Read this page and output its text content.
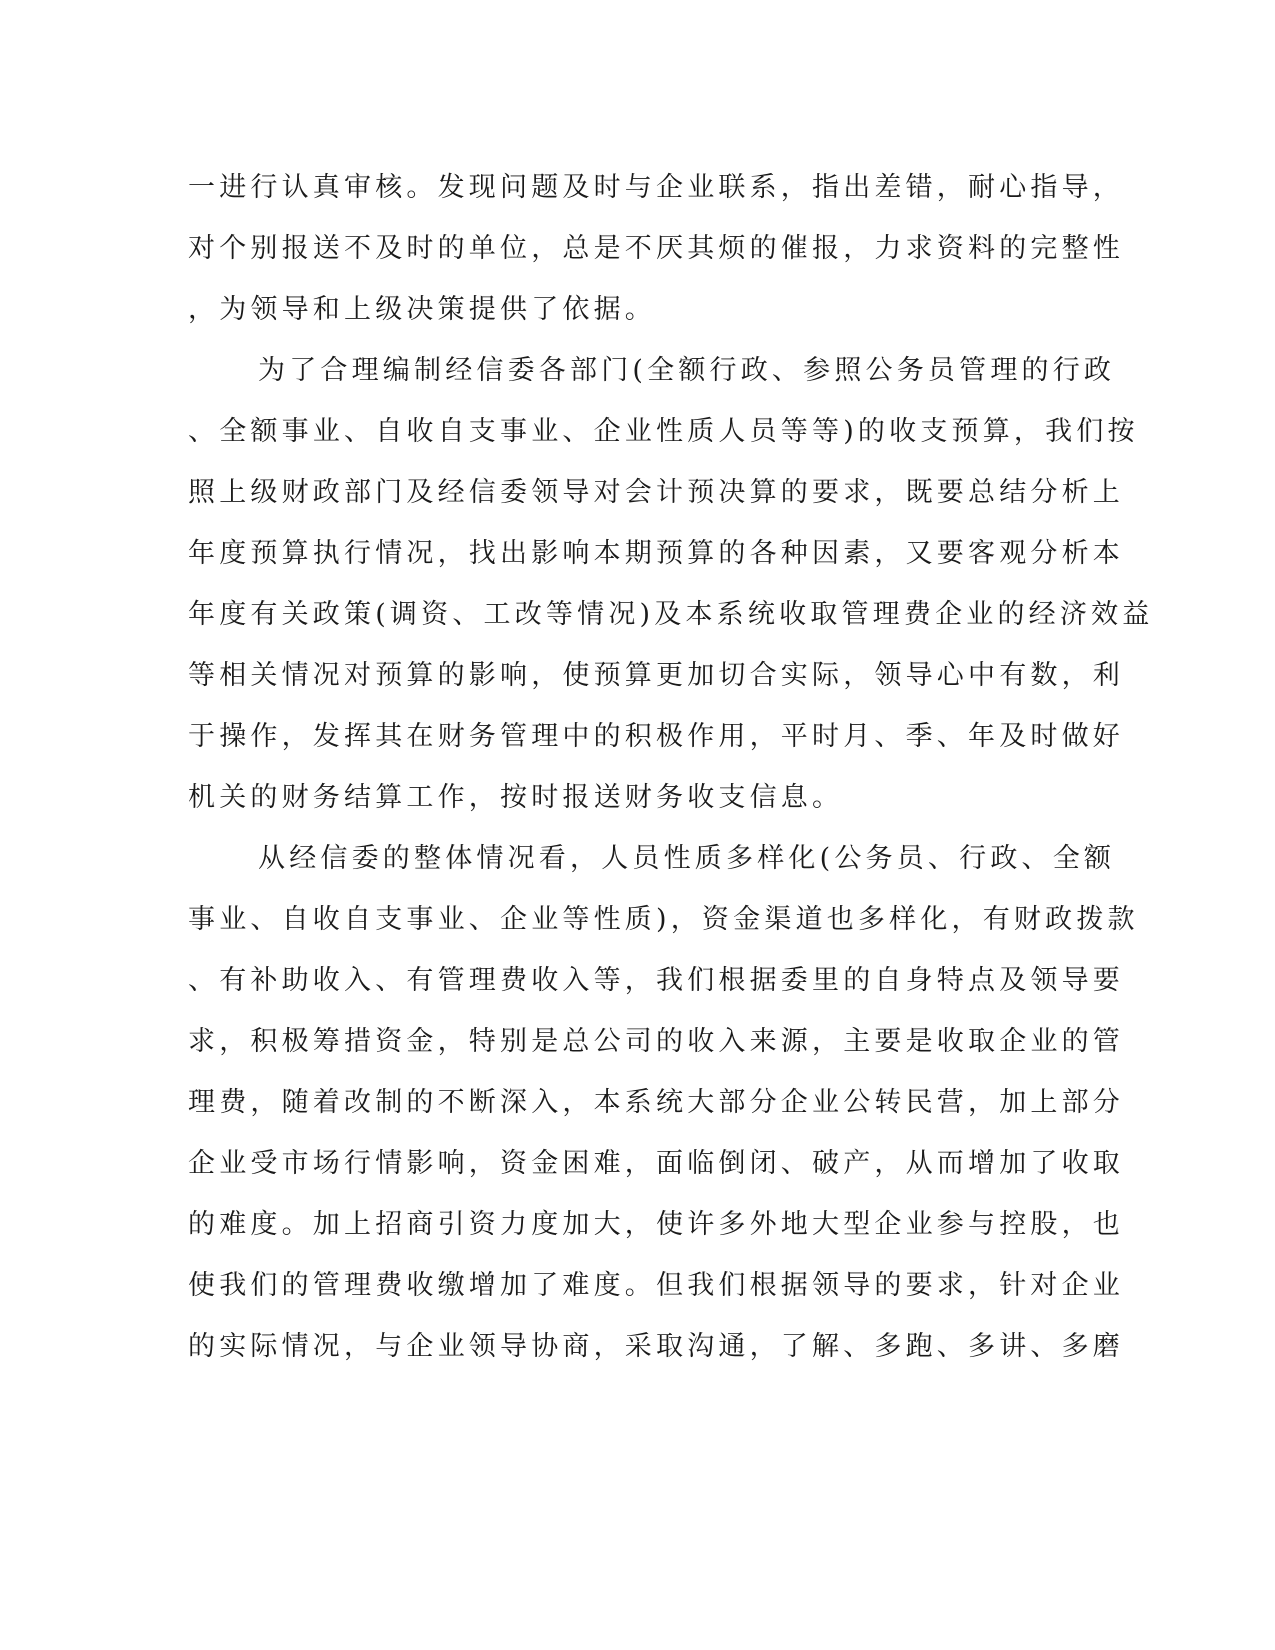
一进行认真审核。发现问题及时与企业联系，指出差错，耐心指导，
对个别报送不及时的单位，总是不厌其烦的催报，力求资料的完整性
，为领导和上级决策提供了依据。
为了合理编制经信委各部门(全额行政、参照公务员管理的行政
、全额事业、自收自支事业、企业性质人员等等)的收支预算，我们按
照上级财政部门及经信委领导对会计预决算的要求，既要总结分析上
年度预算执行情况，找出影响本期预算的各种因素，又要客观分析本
年度有关政策(调资、工改等情况)及本系统收取管理费企业的经济效益
等相关情况对预算的影响，使预算更加切合实际，领导心中有数，利
于操作，发挥其在财务管理中的积极作用，平时月、季、年及时做好
机关的财务结算工作，按时报送财务收支信息。
从经信委的整体情况看，人员性质多样化(公务员、行政、全额
事业、自收自支事业、企业等性质)，资金渠道也多样化，有财政拨款
、有补助收入、有管理费收入等，我们根据委里的自身特点及领导要
求，积极筹措资金，特别是总公司的收入来源，主要是收取企业的管
理费，随着改制的不断深入，本系统大部分企业公转民营，加上部分
企业受市场行情影响，资金困难，面临倒闭、破产，从而增加了收取
的难度。加上招商引资力度加大，使许多外地大型企业参与控股，也
使我们的管理费收缴增加了难度。但我们根据领导的要求，针对企业
的实际情况，与企业领导协商，采取沟通，了解、多跑、多讲、多磨
